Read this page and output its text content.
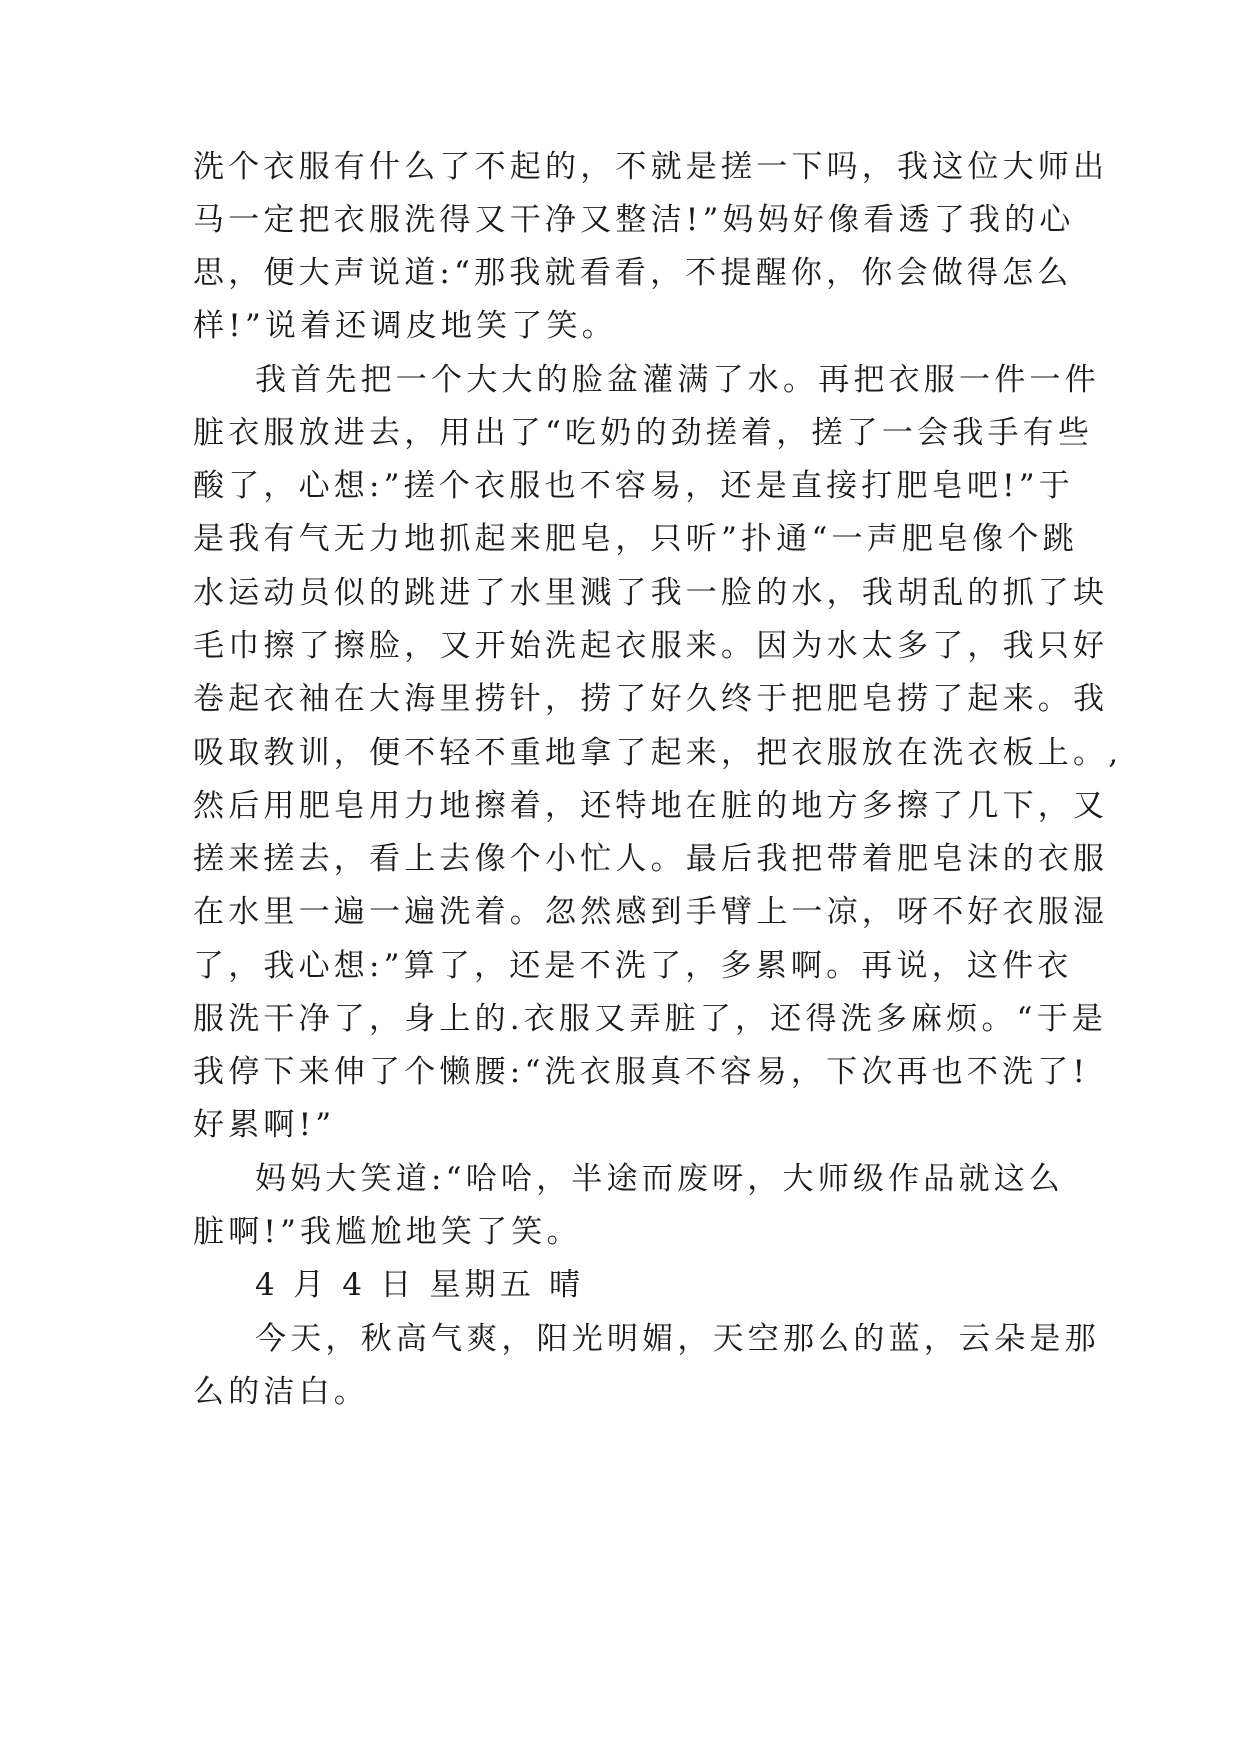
洗个衣服有什么了不起的，不就是搓一下吗，我这位大师出
马一定把衣服洗得又干净又整洁!”妈妈好像看透了我的心
思，便大声说道:“那我就看看，不提醒你，你会做得怎么
样!”说着还调皮地笑了笑。
我首先把一个大大的脸盆灌满了水。再把衣服一件一件
脏衣服放进去，用出了“吃奶的劲搓着，搓了一会我手有些
酸了，心想:”搓个衣服也不容易，还是直接打肥皂吧!”于
是我有气无力地抓起来肥皂，只听”扑通“一声肥皂像个跳
水运动员似的跳进了水里溅了我一脸的水，我胡乱的抓了块
毛巾擦了擦脸，又开始洗起衣服来。因为水太多了，我只好
卷起衣袖在大海里捞针，捞了好久终于把肥皂捞了起来。我
吸取教训，便不轻不重地拿了起来，把衣服放在洗衣板上。,
然后用肥皂用力地擦着，还特地在脏的地方多擦了几下，又
搓来搓去，看上去像个小忙人。最后我把带着肥皂沫的衣服
在水里一遍一遍洗着。忽然感到手臂上一凉，呀不好衣服湿
了，我心想:”算了，还是不洗了，多累啊。再说，这件衣
服洗干净了，身上的.衣服又弄脏了，还得洗多麻烦。“于是
我停下来伸了个懒腰:“洗衣服真不容易，下次再也不洗了!
好累啊!”
妈妈大笑道:“哈哈，半途而废呀，大师级作品就这么
脏啊!”我尴尬地笑了笑。
4 月 4 日 星期五 晴
今天，秋高气爽，阳光明媚，天空那么的蓝，云朵是那
么的洁白。
